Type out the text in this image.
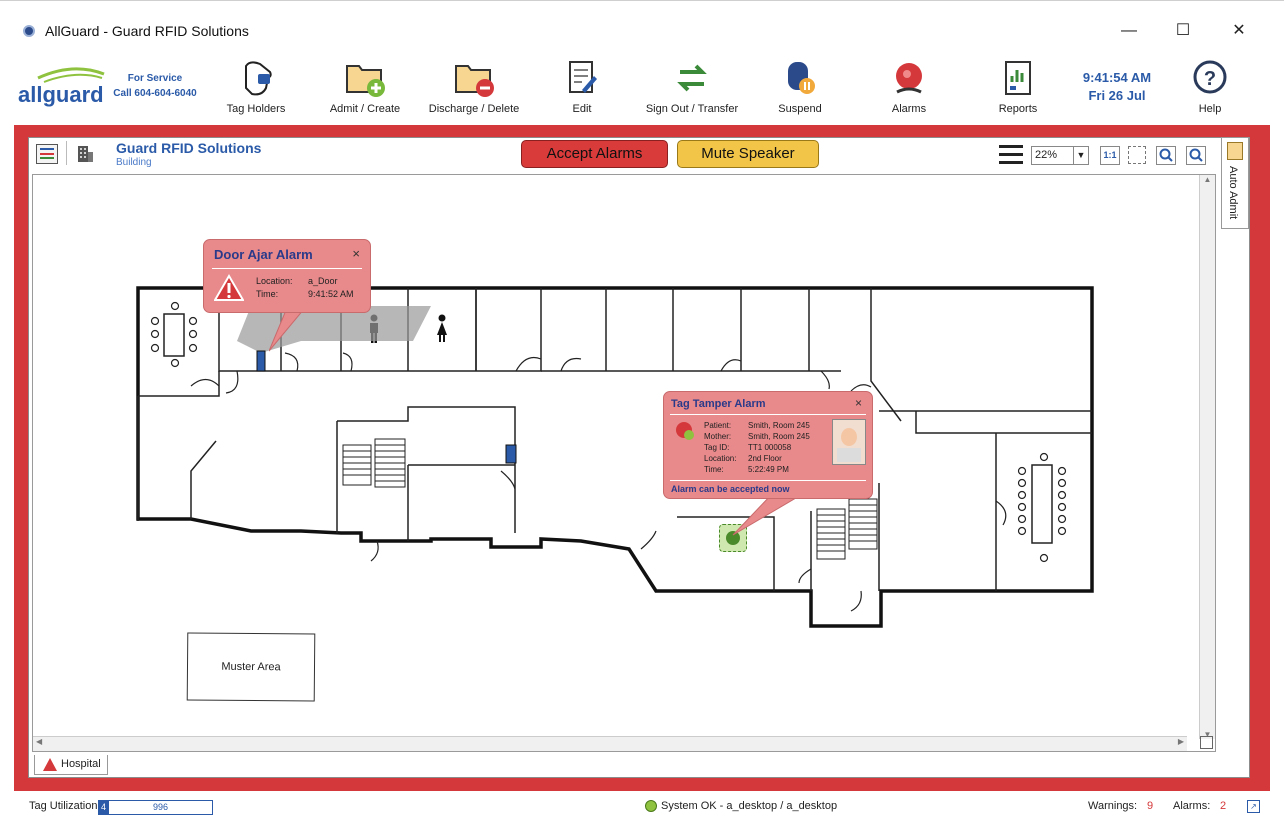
AllGuard - Guard RFID Solutions	—	☐	✕
allguard
For Service
Call 604-604-6040
Tag Holders	Admit / Create	Discharge / Delete	Edit	Sign Out / Transfer	Suspend	Alarms	Reports
9:41:54 AM
Fri 26 Jul
?
Help
Guard RFID Solutions
Building
Accept Alarms	Mute Speaker	22%	▼	1:1
Auto Admit
Muster Area
Door Ajar Alarm	×
Location: a_Door
Time:	9:41:52 AM
Tag Tamper Alarm	×
Patient: Smith, Room 245
Mother: Smith, Room 245
Tag ID: TT1 000058
Location: 2nd Floor
Time:	5:22:49 PM
Alarm can be accepted now
▲
▼
◀	▶
Hospital
Tag Utilization 4	996	System OK - a_desktop / a_desktop	Warnings: 9 Alarms: 2	↗
